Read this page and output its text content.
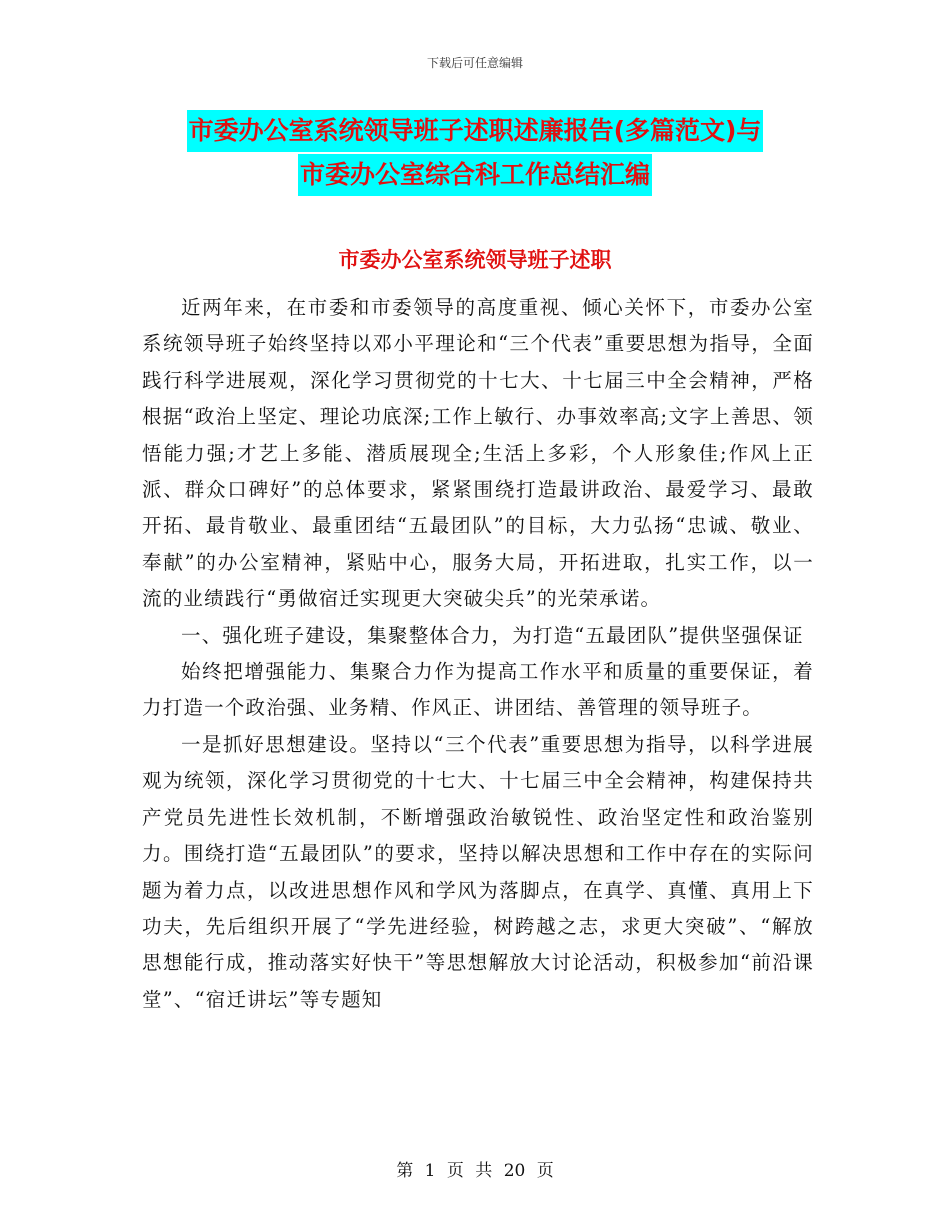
下载后可任意编辑
市委办公室系统领导班子述职述廉报告(多篇范文)与
市委办公室综合科工作总结汇编
市委办公室系统领导班子述职

近两年来，在市委和市委领导的高度重视、倾心关怀下，市委办公室系统领导班子始终坚持以邓小平理论和“三个代表”重要思想为指导，全面践行科学进展观，深化学习贯彻党的十七大、十七届三中全会精神，严格根据“政治上坚定、理论功底深;工作上敏行、办事效率高;文字上善思、领悟能力强;才艺上多能、潜质展现全;生活上多彩，个人形象佳;作风上正派、群众口碑好”的总体要求，紧紧围绕打造最讲政治、最爱学习、最敢开拓、最肯敬业、最重团结“五最团队”的目标，大力弘扬“忠诚、敬业、奉献”的办公室精神，紧贴中心，服务大局，开拓进取，扎实工作，以一流的业绩践行“勇做宿迁实现更大突破尖兵”的光荣承诺。

一、强化班子建设，集聚整体合力，为打造“五最团队”提供坚强保证

始终把增强能力、集聚合力作为提高工作水平和质量的重要保证，着力打造一个政治强、业务精、作风正、讲团结、善管理的领导班子。

一是抓好思想建设。坚持以“三个代表”重要思想为指导，以科学进展观为统领，深化学习贯彻党的十七大、十七届三中全会精神，构建保持共产党员先进性长效机制，不断增强政治敏锐性、政治坚定性和政治鉴别力。围绕打造“五最团队”的要求，坚持以解决思想和工作中存在的实际问题为着力点，以改进思想作风和学风为落脚点，在真学、真懂、真用上下功夫，先后组织开展了“学先进经验，树跨越之志，求更大突破”、“解放思想能行成，推动落实好快干”等思想解放大讨论活动，积极参加“前沿课堂”、“宿迁讲坛”等专题知

第 1 页 共 20 页
